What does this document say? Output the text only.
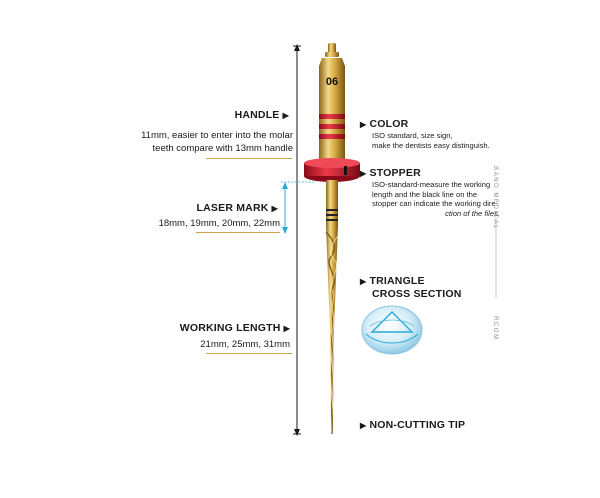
06
HANDLE ▶
11mm, easier to enter into the molar
teeth compare with 13mm handle
LASER MARK ▶
18mm, 19mm, 20mm, 22mm
WORKING LENGTH ▶
21mm, 25mm, 31mm
▶ COLOR
ISO standard, size sign,
make the dentists easy distinguish.
▶ STOPPER
ISO-standard-measure the working
length and the black line on the
stopper can indicate the working dire-
ction of the files.
▶ TRIANGLE
CROSS SECTION
▶ NON-CUTTING TIP
BAND MEDICAL
RCOM
